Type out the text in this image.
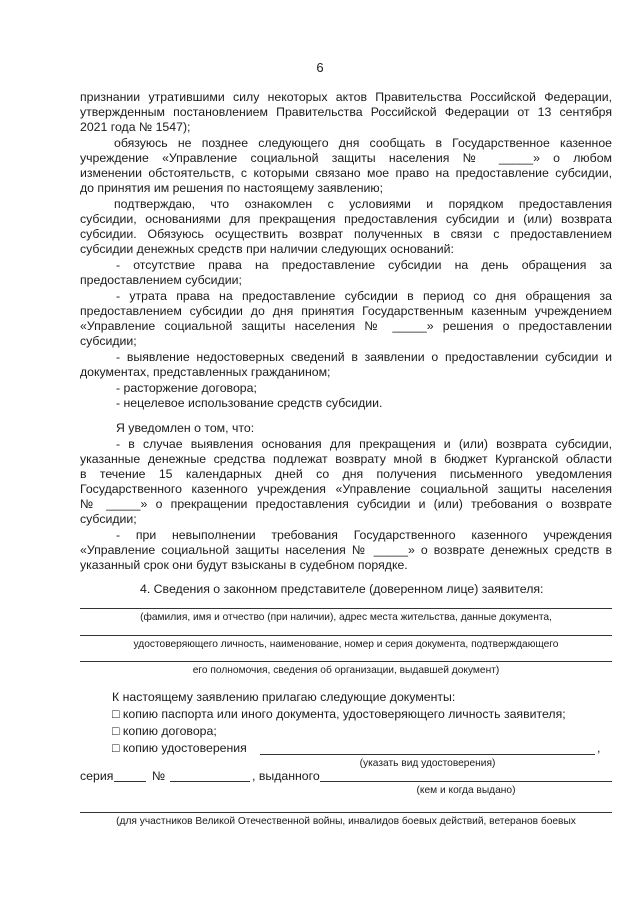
6
признании утратившими силу некоторых актов Правительства Российской Федерации,
утвержденным постановлением Правительства Российской Федерации от 13 сентября
2021 года № 1547);
обязуюсь не позднее следующего дня сообщать в Государственное казенное
учреждение «Управление социальной защиты населения № _____» о любом
изменении обстоятельств, с которыми связано мое право на предоставление субсидии,
до принятия им решения по настоящему заявлению;
подтверждаю, что ознакомлен с условиями и порядком предоставления
субсидии, основаниями для прекращения предоставления субсидии и (или) возврата
субсидии. Обязуюсь осуществить возврат полученных в связи с предоставлением
субсидии денежных средств при наличии следующих оснований:
- отсутствие права на предоставление субсидии на день обращения за
предоставлением субсидии;
- утрата права на предоставление субсидии в период со дня обращения за
предоставлением субсидии до дня принятия Государственным казенным учреждением
«Управление социальной защиты населения № _____» решения о предоставлении
субсидии;
- выявление недостоверных сведений в заявлении о предоставлении субсидии и
документах, представленных гражданином;
- расторжение договора;
- нецелевое использование средств субсидии.
Я уведомлен о том, что:
- в случае выявления основания для прекращения и (или) возврата субсидии,
указанные денежные средства подлежат возврату мной в бюджет Курганской области
в течение 15 календарных дней со дня получения письменного уведомления
Государственного казенного учреждения «Управление социальной защиты населения
№ _____» о прекращении предоставления субсидии и (или) требования о возврате
субсидии;
- при невыполнении требования Государственного казенного учреждения
«Управление социальной защиты населения № _____» о возврате денежных средств в
указанный срок они будут взысканы в судебном порядке.
4. Сведения о законном представителе (доверенном лице) заявителя:
(фамилия, имя и отчество (при наличии), адрес места жительства, данные документа,
удостоверяющего личность, наименование, номер и серия документа, подтверждающего
его полномочия, сведения об организации, выдавшей документ)
К настоящему заявлению прилагаю следующие документы:
□ копию паспорта или иного документа, удостоверяющего личность заявителя;
□ копию договора;
□ копию удостоверения	,
(указать вид удостоверения)
серия	№	, выданного
(кем и когда выдано)
(для участников Великой Отечественной войны, инвалидов боевых действий, ветеранов боевых
